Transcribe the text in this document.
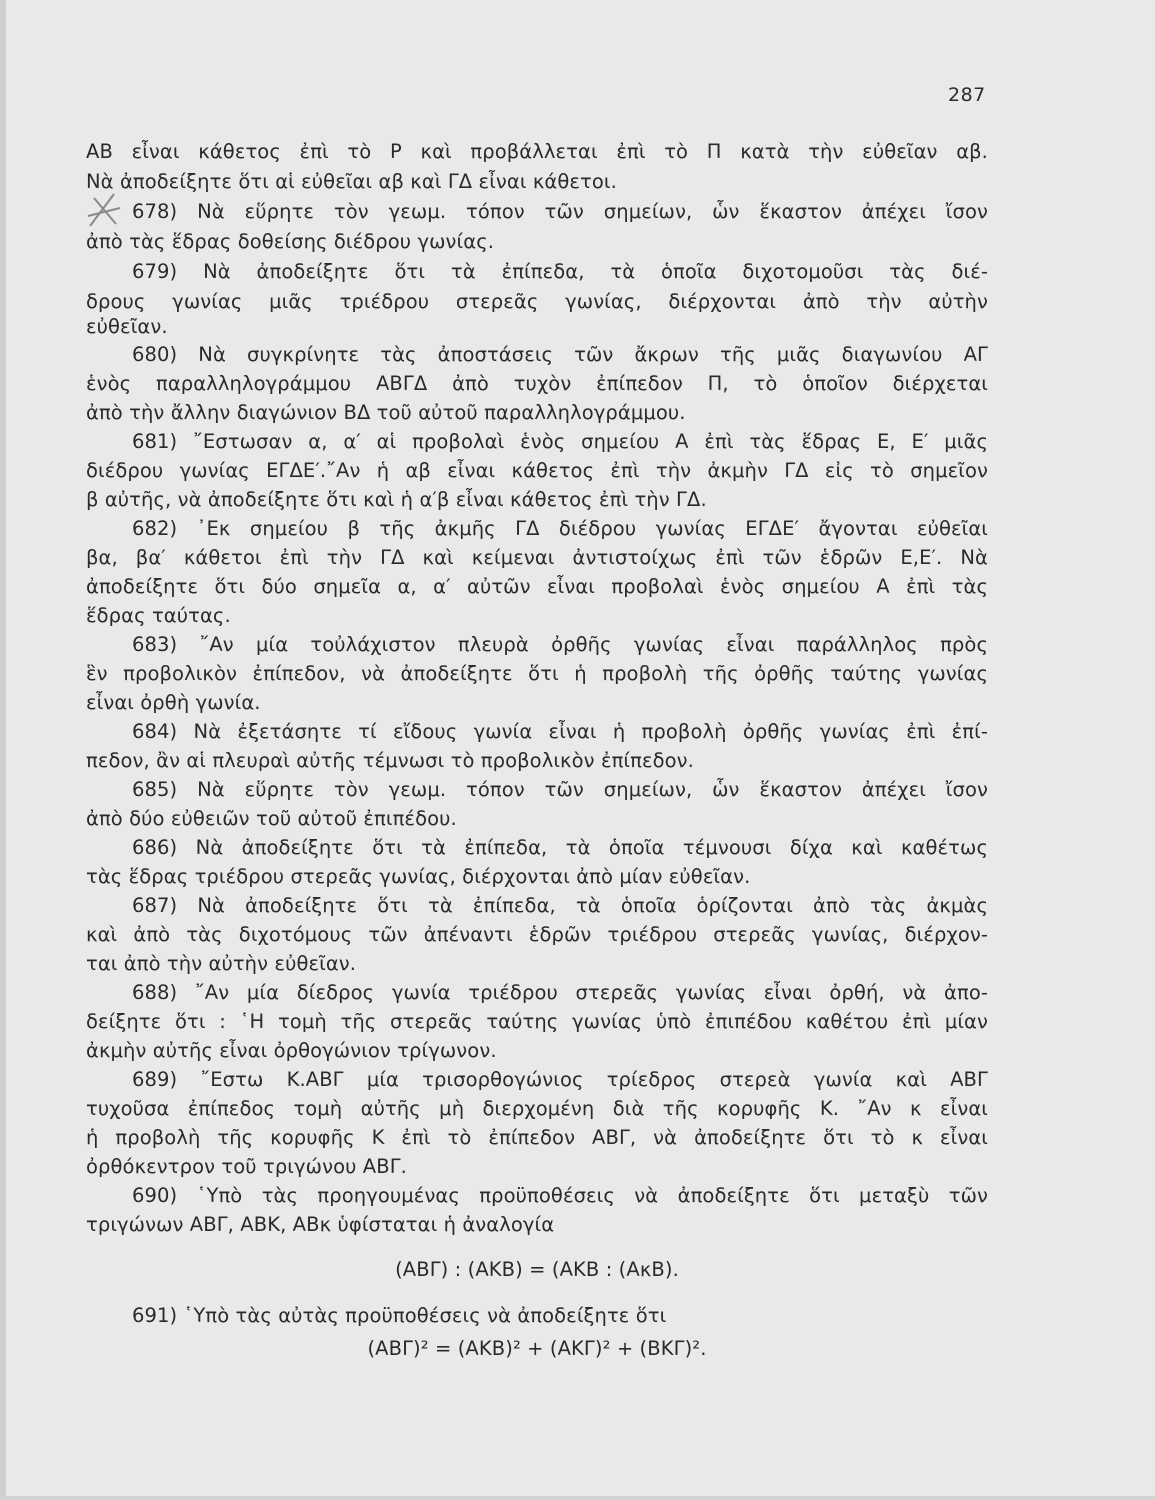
287
AB εἶναι κάθετος ἐπὶ τὸ Ρ καὶ προβάλλεται ἐπὶ τὸ Π κατὰ τὴν εὐθεῖαν αβ.
Νὰ ἀποδείξητε ὅτι αἱ εὐθεῖαι αβ καὶ ΓΔ εἶναι κάθετοι.
678) Νὰ εὕρητε τὸν γεωμ. τόπον τῶν σημείων, ὧν ἕκαστον ἀπέχει ἴσον
ἀπὸ τὰς ἕδρας δοθείσης διέδρου γωνίας.
679) Νὰ ἀποδείξητε ὅτι τὰ ἐπίπεδα, τὰ ὁποῖα διχοτομοῦσι τὰς διέ-
δρους γωνίας μιᾶς τριέδρου στερεᾶς γωνίας, διέρχονται ἀπὸ τὴν αὐτὴν
εὐθεῖαν.
680) Νὰ συγκρίνητε τὰς ἀποστάσεις τῶν ἄκρων τῆς μιᾶς διαγωνίου ΑΓ
ἑνὸς παραλληλογράμμου ΑΒΓΔ ἀπὸ τυχὸν ἐπίπεδον Π, τὸ ὁποῖον διέρχεται
ἀπὸ τὴν ἄλλην διαγώνιον ΒΔ τοῦ αὐτοῦ παραλληλογράμμου.
681) ῎Εστωσαν α, α′ αἱ προβολαὶ ἑνὸς σημείου Α ἐπὶ τὰς ἕδρας Ε, Ε′ μιᾶς
διέδρου γωνίας ΕΓΔΕ′.῎Αν ἡ αβ εἶναι κάθετος ἐπὶ τὴν ἀκμὴν ΓΔ εἰς τὸ σημεῖον
β αὐτῆς, νὰ ἀποδείξητε ὅτι καὶ ἡ α′β εἶναι κάθετος ἐπὶ τὴν ΓΔ.
682) ᾿Εκ σημείου β τῆς ἀκμῆς ΓΔ διέδρου γωνίας ΕΓΔΕ′ ἄγονται εὐθεῖαι
βα, βα′ κάθετοι ἐπὶ τὴν ΓΔ καὶ κείμεναι ἀντιστοίχως ἐπὶ τῶν ἑδρῶν Ε,Ε′. Νὰ
ἀποδείξητε ὅτι δύο σημεῖα α, α′ αὐτῶν εἶναι προβολαὶ ἑνὸς σημείου Α ἐπὶ τὰς
ἕδρας ταύτας.
683) ῎Αν μία τοὐλάχιστον πλευρὰ ὀρθῆς γωνίας εἶναι παράλληλος πρὸς
ἓν προβολικὸν ἐπίπεδον, νὰ ἀποδείξητε ὅτι ἡ προβολὴ τῆς ὀρθῆς ταύτης γωνίας
εἶναι ὀρθὴ γωνία.
684) Νὰ ἐξετάσητε τί εἴδους γωνία εἶναι ἡ προβολὴ ὀρθῆς γωνίας ἐπὶ ἐπί-
πεδον, ἂν αἱ πλευραὶ αὐτῆς τέμνωσι τὸ προβολικὸν ἐπίπεδον.
685) Νὰ εὕρητε τὸν γεωμ. τόπον τῶν σημείων, ὧν ἕκαστον ἀπέχει ἴσον
ἀπὸ δύο εὐθειῶν τοῦ αὐτοῦ ἐπιπέδου.
686) Νὰ ἀποδείξητε ὅτι τὰ ἐπίπεδα, τὰ ὁποῖα τέμνουσι δίχα καὶ καθέτως
τὰς ἕδρας τριέδρου στερεᾶς γωνίας, διέρχονται ἀπὸ μίαν εὐθεῖαν.
687) Νὰ ἀποδείξητε ὅτι τὰ ἐπίπεδα, τὰ ὁποῖα ὁρίζονται ἀπὸ τὰς ἀκμὰς
καὶ ἀπὸ τὰς διχοτόμους τῶν ἀπέναντι ἑδρῶν τριέδρου στερεᾶς γωνίας, διέρχον-
ται ἀπὸ τὴν αὐτὴν εὐθεῖαν.
688) ῎Αν μία δίεδρος γωνία τριέδρου στερεᾶς γωνίας εἶναι ὀρθή, νὰ ἀπο-
δείξητε ὅτι : ῾Η τομὴ τῆς στερεᾶς ταύτης γωνίας ὑπὸ ἐπιπέδου καθέτου ἐπὶ μίαν
ἀκμὴν αὐτῆς εἶναι ὀρθογώνιον τρίγωνον.
689) ῎Εστω Κ.ΑΒΓ μία τρισορθογώνιος τρίεδρος στερεὰ γωνία καὶ ΑΒΓ
τυχοῦσα ἐπίπεδος τομὴ αὐτῆς μὴ διερχομένη διὰ τῆς κορυφῆς Κ. ῎Αν κ εἶναι
ἡ προβολὴ τῆς κορυφῆς Κ ἐπὶ τὸ ἐπίπεδον ΑΒΓ, νὰ ἀποδείξητε ὅτι τὸ κ εἶναι
ὀρθόκεντρον τοῦ τριγώνου ΑΒΓ.
690) ῾Υπὸ τὰς προηγουμένας προϋποθέσεις νὰ ἀποδείξητε ὅτι μεταξὺ τῶν
τριγώνων ΑΒΓ, ΑΒΚ, ΑΒκ ὑφίσταται ἡ ἀναλογία
(ΑΒΓ) : (ΑΚΒ) = (ΑΚΒ : (ΑκΒ).
691) ῾Υπὸ τὰς αὐτὰς προϋποθέσεις νὰ ἀποδείξητε ὅτι
(ΑΒΓ)² = (ΑΚΒ)² + (ΑΚΓ)² + (ΒΚΓ)².
